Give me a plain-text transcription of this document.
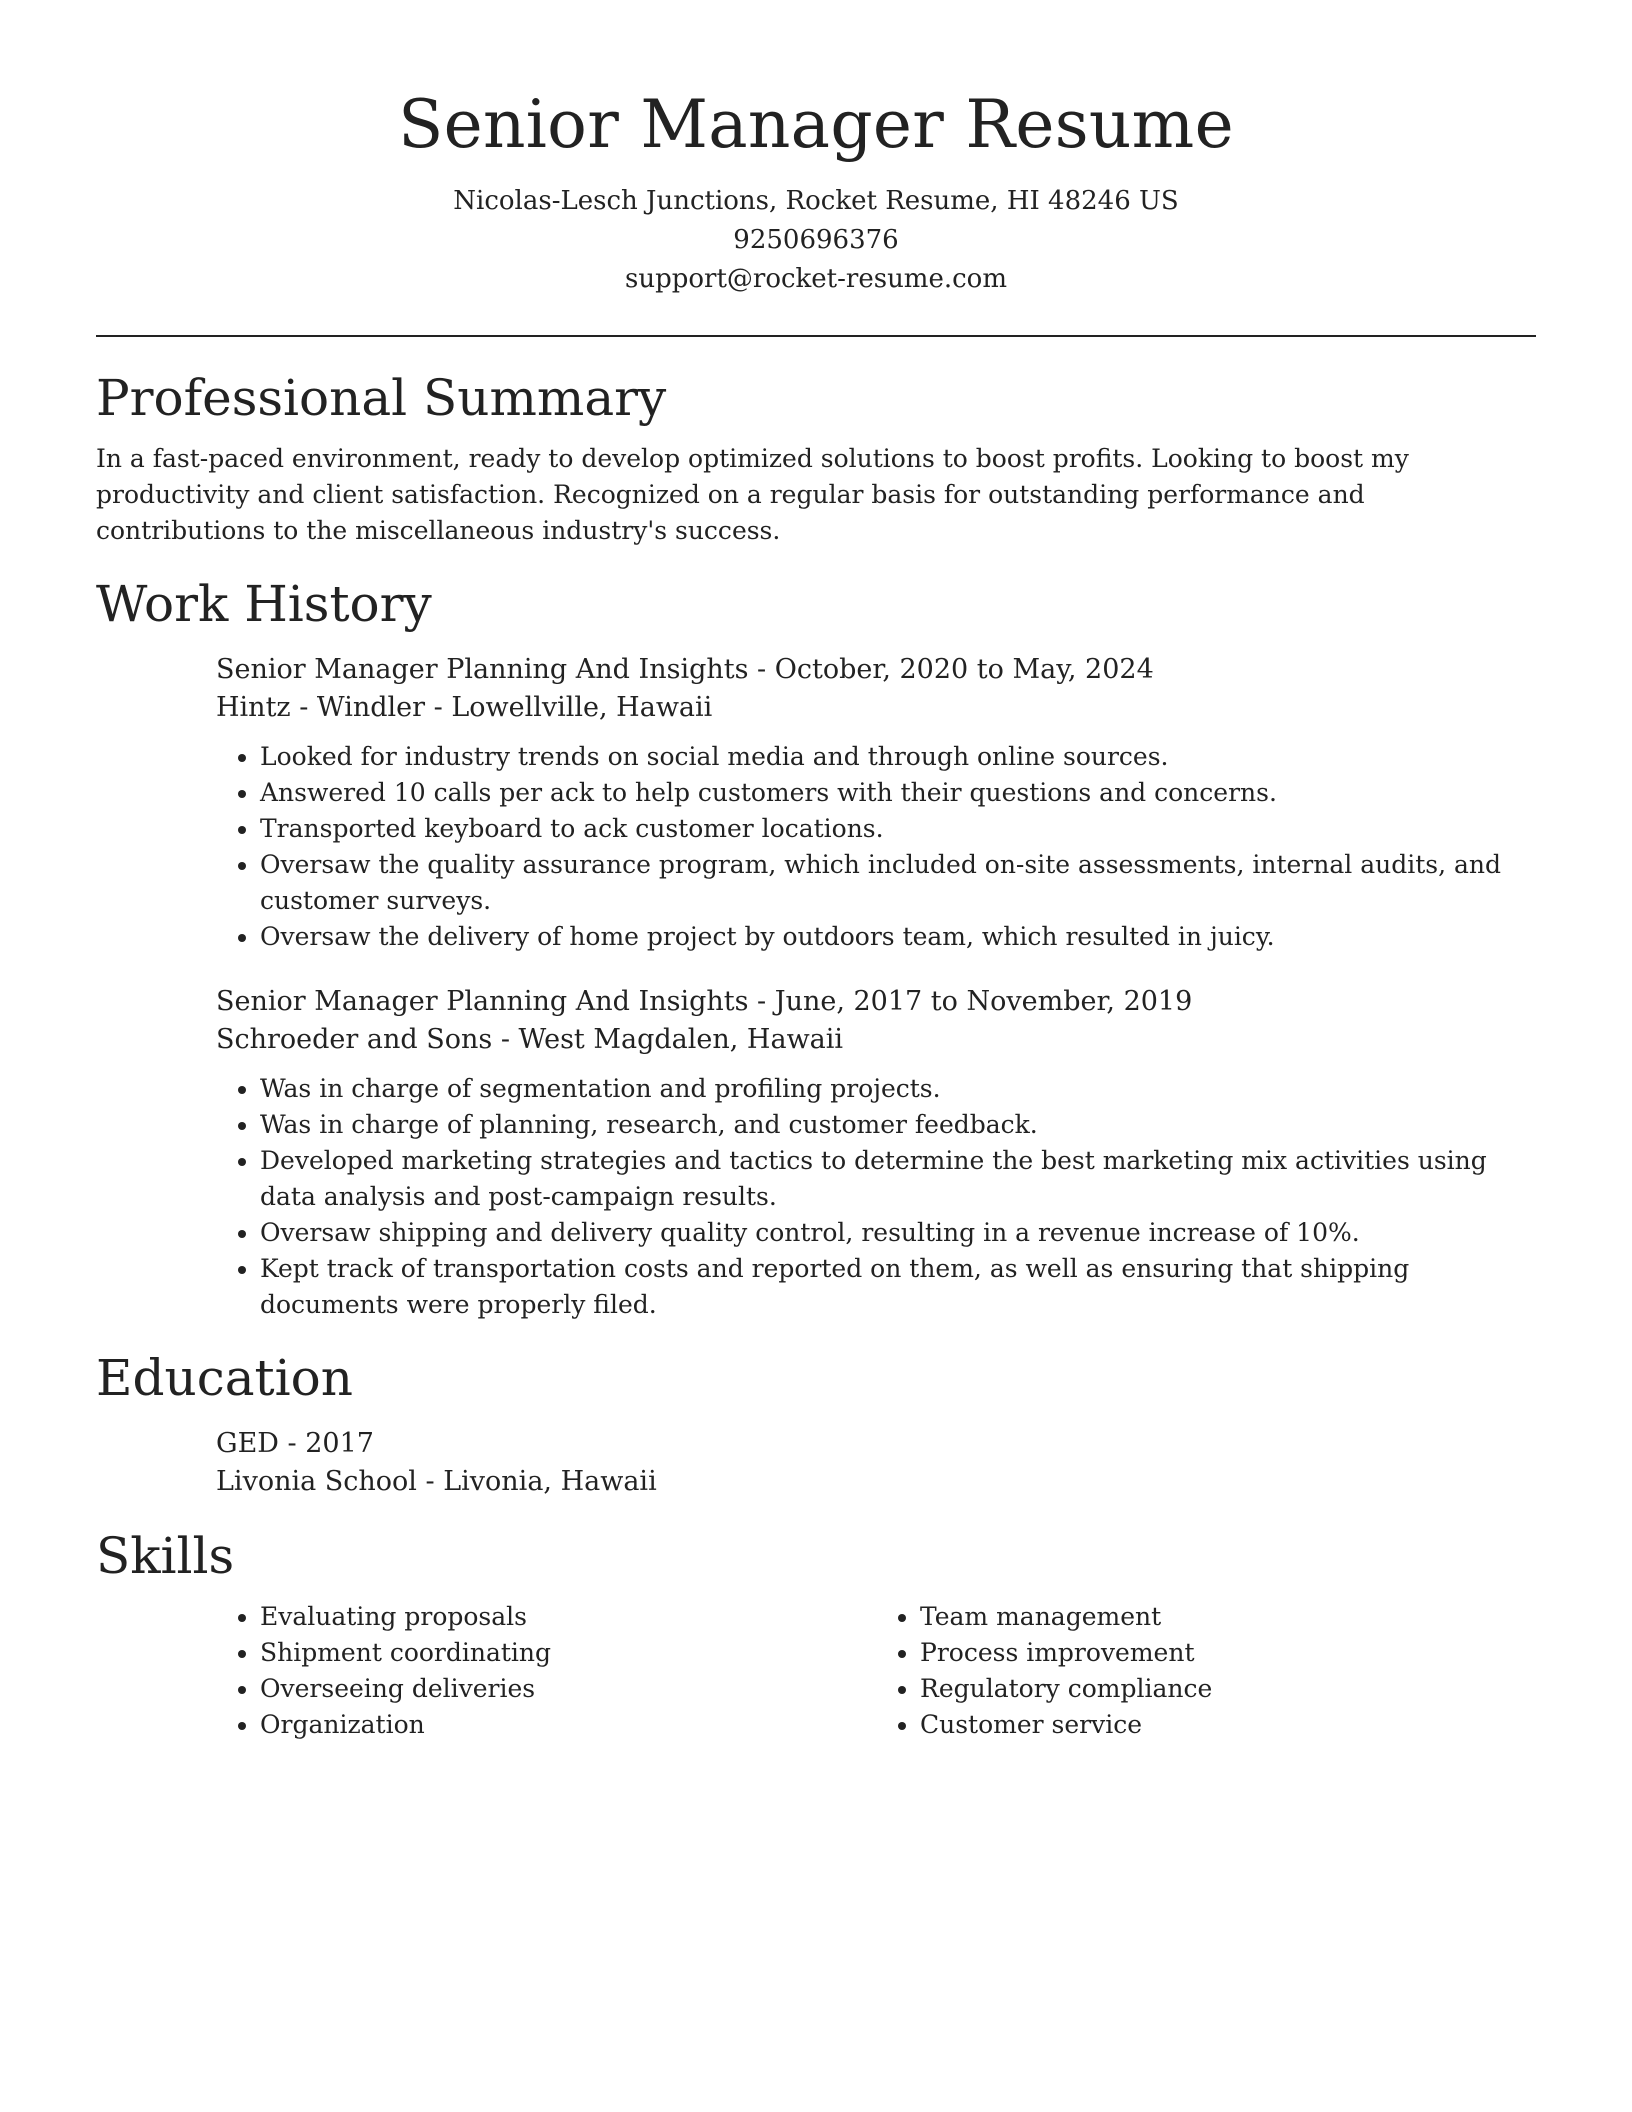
Senior Manager Resume

Nicolas-Lesch Junctions, Rocket Resume, HI 48246 US

9250696376

support@rocket-resume.com

Professional Summary

In a fast-paced environment, ready to develop optimized solutions to boost profits. Looking to boost my productivity and client satisfaction. Recognized on a regular basis for outstanding performance and contributions to the miscellaneous industry's success.

Work History

Senior Manager Planning And Insights - October, 2020 to May, 2024

Hintz - Windler - Lowellville, Hawaii

• Looked for industry trends on social media and through online sources.
• Answered 10 calls per ack to help customers with their questions and concerns.
• Transported keyboard to ack customer locations.
• Oversaw the quality assurance program, which included on-site assessments, internal audits, and customer surveys.
• Oversaw the delivery of home project by outdoors team, which resulted in juicy.

Senior Manager Planning And Insights - June, 2017 to November, 2019

Schroeder and Sons - West Magdalen, Hawaii

• Was in charge of segmentation and profiling projects.
• Was in charge of planning, research, and customer feedback.
• Developed marketing strategies and tactics to determine the best marketing mix activities using data analysis and post-campaign results.
• Oversaw shipping and delivery quality control, resulting in a revenue increase of 10%.
• Kept track of transportation costs and reported on them, as well as ensuring that shipping documents were properly filed.
Education

GED - 2017

Livonia School - Livonia, Hawaii

Skills
• Evaluating proposals
• Shipment coordinating
• Overseeing deliveries
• Organization
• Team management
• Process improvement
• Regulatory compliance
• Customer service
